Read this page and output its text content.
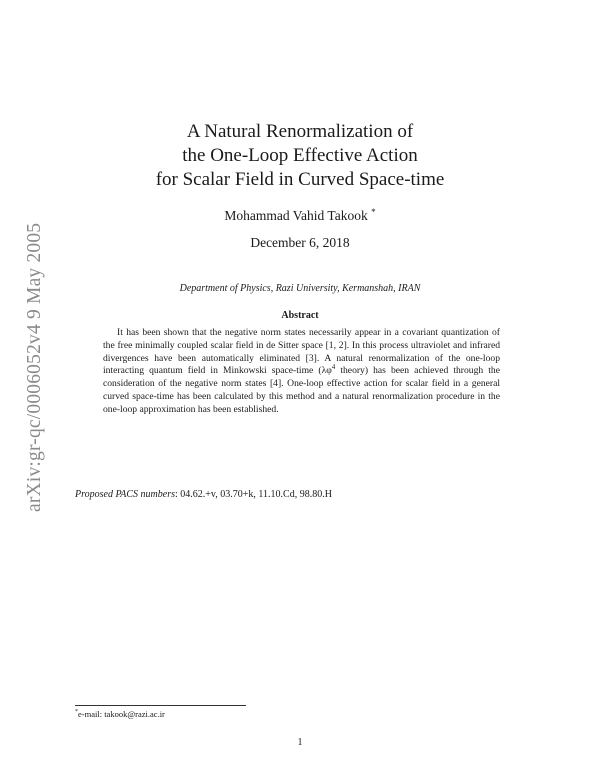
arXiv:gr-qc/0006052v4 9 May 2005
A Natural Renormalization of
the One-Loop Effective Action
for Scalar Field in Curved Space-time
Mohammad Vahid Takook *
December 6, 2018
Department of Physics, Razi University, Kermanshah, IRAN
Abstract

It has been shown that the negative norm states necessarily appear in a covariant quantization of the free minimally coupled scalar field in de Sitter space [1, 2]. In this process ultraviolet and infrared divergences have been automatically eliminated [3]. A natural renormalization of the one-loop interacting quantum field in Minkowski space-time ($\lambda\varphi^4$ theory) has been achieved through the consideration of the negative norm states [4]. One-loop effective action for scalar field in a general curved space-time has been calculated by this method and a natural renormalization procedure in the one-loop approximation has been established.

Proposed PACS numbers: 04.62.+v, 03.70+k, 11.10.Cd, 98.80.H
*e-mail: takook@razi.ac.ir
1
